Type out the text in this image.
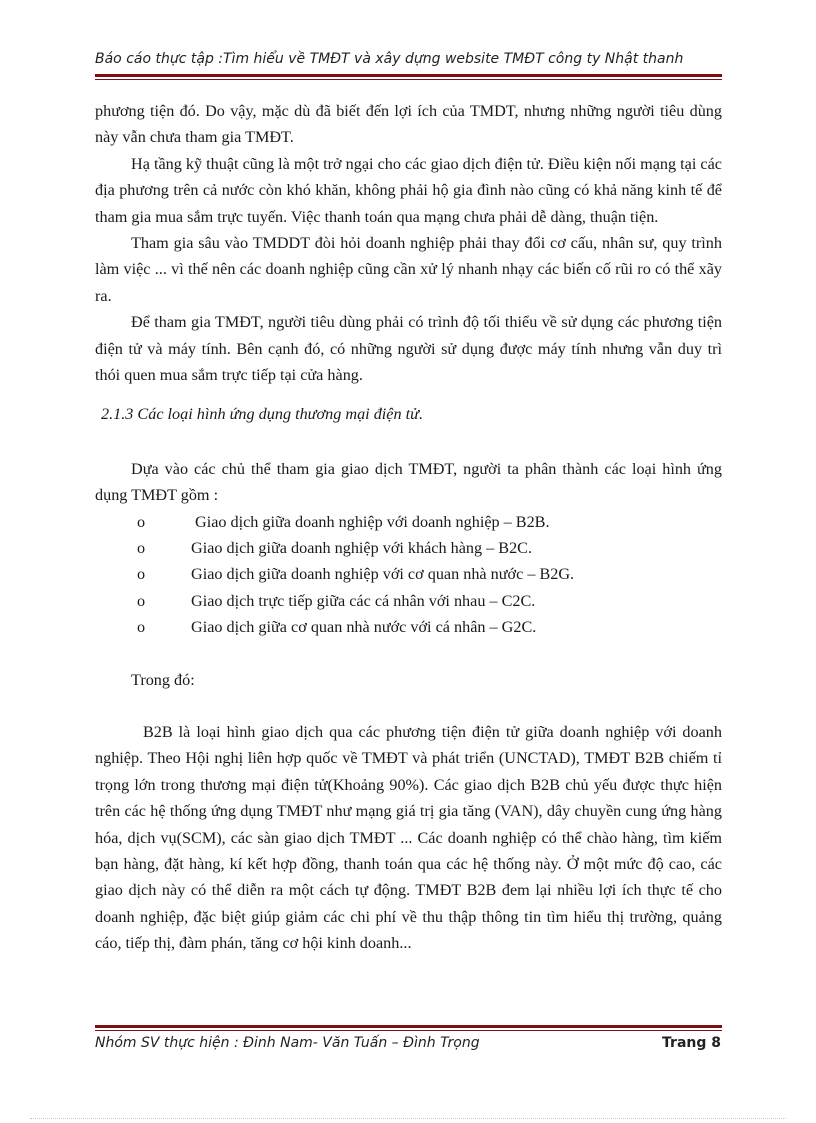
Báo cáo thực tập :Tìm hiểu về TMĐT và xây dựng website TMĐT công ty Nhật thanh

phương tiện đó. Do vậy, mặc dù đã biết đến lợi ích của TMDT, nhưng những người tiêu dùng này vẫn chưa tham gia TMĐT.

Hạ tầng kỹ thuật cũng là một trở ngại cho các giao dịch điện tử. Điều kiện nối mạng tại các địa phương trên cả nước còn khó khăn, không phải hộ gia đình nào cũng có khả năng kinh tế để tham gia mua sắm trực tuyến. Việc thanh toán qua mạng chưa phải dễ dàng, thuận tiện.

Tham gia sâu vào TMDDT đòi hỏi doanh nghiệp phải thay đổi cơ cấu, nhân sư, quy trình làm việc ... vì thế nên các doanh nghiệp cũng cần xử lý nhanh nhạy các biến cố rũi ro có thể xãy ra.

Để tham gia TMĐT, người tiêu dùng phải có trình độ tối thiểu về sử dụng các phương tiện điện tử và máy tính. Bên cạnh đó, có những người sử dụng được máy tính nhưng vẫn duy trì thói quen mua sắm trực tiếp tại cửa hàng.

2.1.3 Các loại hình ứng dụng thương mại điện tử.

Dựa vào các chủ thể tham gia giao dịch TMĐT, người ta phân thành các loại hình ứng dụng TMĐT gồm :

o	Giao dịch giữa doanh nghiệp với doanh nghiệp – B2B.
o	Giao dịch giữa doanh nghiệp với khách hàng – B2C.
o	Giao dịch giữa doanh nghiệp với cơ quan nhà nước – B2G.
o	Giao dịch trực tiếp giữa các cá nhân với nhau – C2C.
o	Giao dịch giữa cơ quan nhà nước với cá nhân – G2C.

Trong đó:

B2B là loại hình giao dịch qua các phương tiện điện tử giữa doanh nghiệp với doanh nghiệp. Theo Hội nghị liên hợp quốc về TMĐT và phát triển (UNCTAD), TMĐT B2B chiếm tỉ trọng lớn trong thương mại điện tử(Khoảng 90%). Các giao dịch B2B chủ yếu được thực hiện trên các hệ thống ứng dụng TMĐT như mạng giá trị gia tăng (VAN), dây chuyền cung ứng hàng hóa, dịch vụ(SCM), các sàn giao dịch TMĐT ... Các doanh nghiệp có thể chào hàng, tìm kiếm bạn hàng, đặt hàng, kí kết hợp đồng, thanh toán qua các hệ thống này. Ở một mức độ cao, các giao dịch này có thể diễn ra một cách tự động. TMĐT B2B đem lại nhiều lợi ích thực tế cho doanh nghiệp, đặc biệt giúp giảm các chi phí về thu thập thông tin tìm hiểu thị trường, quảng cáo, tiếp thị, đàm phán, tăng cơ hội kinh doanh...

Nhóm SV thực hiện : Đinh Nam- Văn Tuấn – Đình Trọng	Trang 8
